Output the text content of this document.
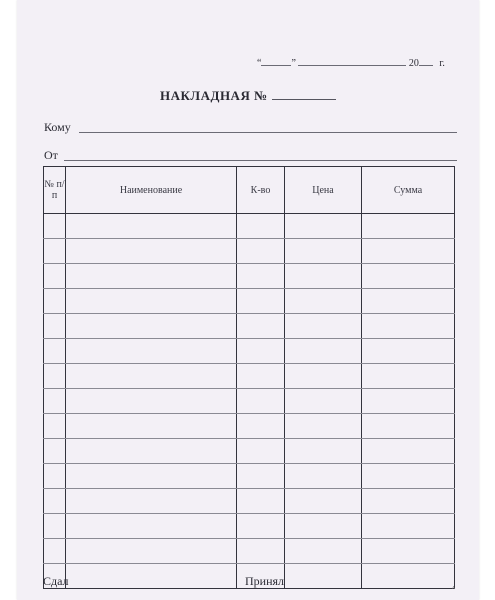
“	”	20 г.
НАКЛАДНАЯ №
Кому
От
№ п/п	Наименование	К-во	Цена	Сумма

Сдал	Принял	ᴀ
